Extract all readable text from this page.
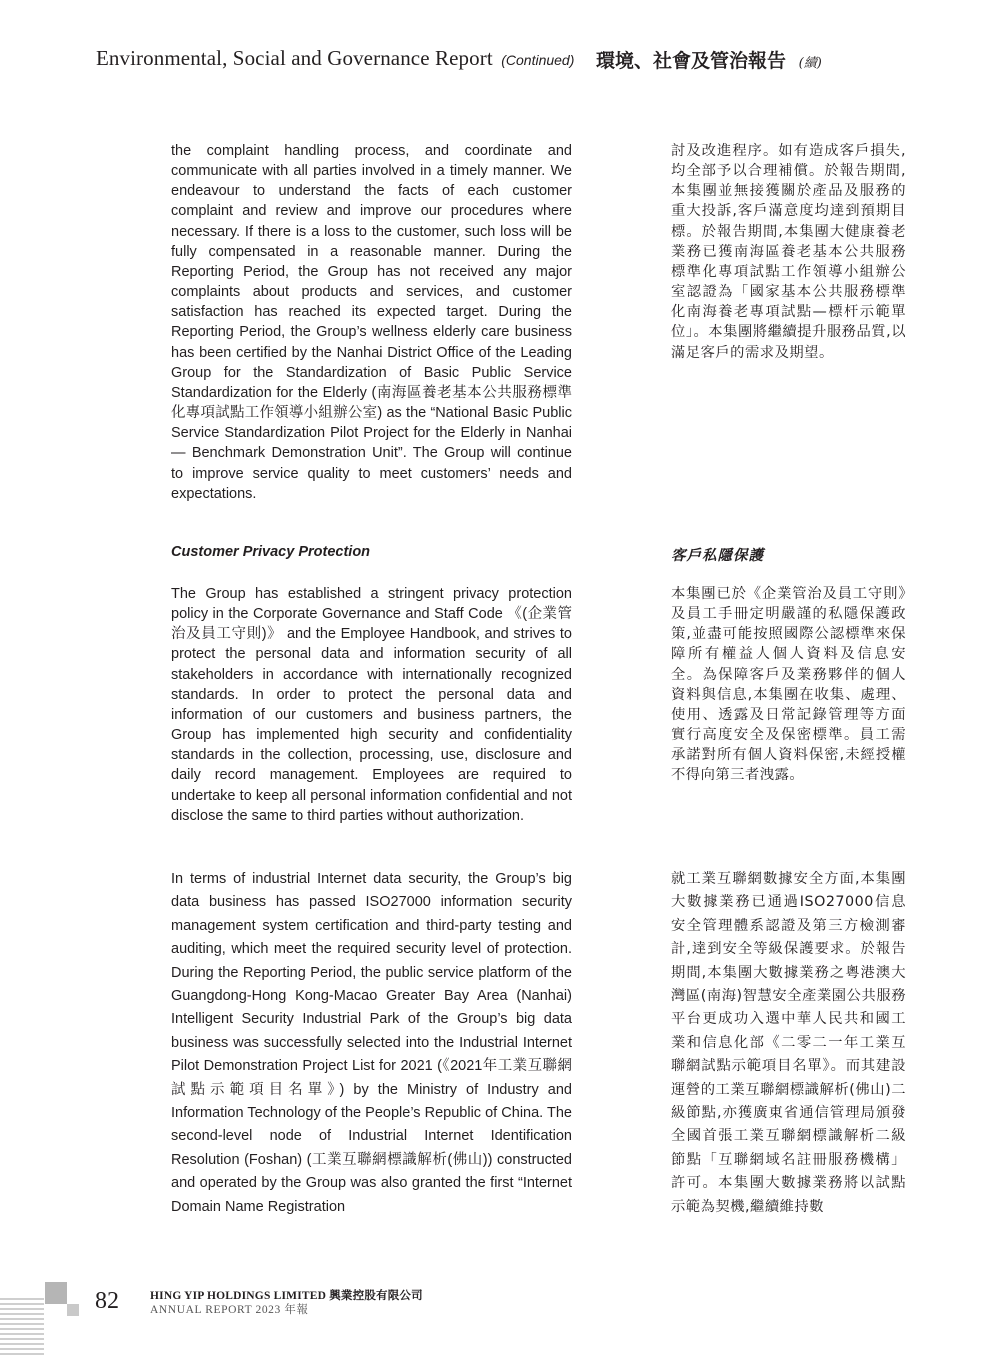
Environmental, Social and Governance Report (Continued) 環境、社會及管治報告 (續)
the complaint handling process, and coordinate and communicate with all parties involved in a timely manner. We endeavour to understand the facts of each customer complaint and review and improve our procedures where necessary. If there is a loss to the customer, such loss will be fully compensated in a reasonable manner. During the Reporting Period, the Group has not received any major complaints about products and services, and customer satisfaction has reached its expected target. During the Reporting Period, the Group’s wellness elderly care business has been certified by the Nanhai District Office of the Leading Group for the Standardization of Basic Public Service Standardization for the Elderly (南海區養老基本公共服務標準化專項試點工作領導小組辦公室) as the “National Basic Public Service Standardization Pilot Project for the Elderly in Nanhai — Benchmark Demonstration Unit”. The Group will continue to improve service quality to meet customers’ needs and expectations.
討及改進程序。如有造成客戶損失,均全部予以合理補償。於報告期間,本集團並無接獲關於產品及服務的重大投訴,客戶滿意度均達到預期目標。於報告期間,本集團大健康養老業務已獲南海區養老基本公共服務標準化專項試點工作領導小組辦公室認證為「國家基本公共服務標準化南海養老專項試點—標杆示範單位」。本集團將繼續提升服務品質,以滿足客戶的需求及期望。
Customer Privacy Protection	客戶私隱保護
The Group has established a stringent privacy protection policy in the Corporate Governance and Staff Code 《(企業管治及員工守則)》 and the Employee Handbook, and strives to protect the personal data and information security of all stakeholders in accordance with internationally recognized standards. In order to protect the personal data and information of our customers and business partners, the Group has implemented high security and confidentiality standards in the collection, processing, use, disclosure and daily record management. Employees are required to undertake to keep all personal information confidential and not disclose the same to third parties without authorization.
本集團已於《企業管治及員工守則》及員工手冊定明嚴謹的私隱保護政策,並盡可能按照國際公認標準來保障所有權益人個人資料及信息安全。為保障客戶及業務夥伴的個人資料與信息,本集團在收集、處理、使用、透露及日常記錄管理等方面實行高度安全及保密標準。員工需承諾對所有個人資料保密,未經授權不得向第三者洩露。
In terms of industrial Internet data security, the Group’s big data business has passed ISO27000 information security management system certification and third-party testing and auditing, which meet the required security level of protection. During the Reporting Period, the public service platform of the Guangdong-Hong Kong-Macao Greater Bay Area (Nanhai) Intelligent Security Industrial Park of the Group’s big data business was successfully selected into the Industrial Internet Pilot Demonstration Project List for 2021 (《2021年工業互聯網試點示範項目名單》) by the Ministry of Industry and Information Technology of the People’s Republic of China. The second-level node of Industrial Internet Identification Resolution (Foshan) (工業互聯網標識解析(佛山)) constructed and operated by the Group was also granted the first “Internet Domain Name Registration
就工業互聯網數據安全方面,本集團大數據業務已通過ISO27000信息安全管理體系認證及第三方檢測審計,達到安全等級保護要求。於報告期間,本集團大數據業務之粵港澳大灣區(南海)智慧安全產業園公共服務平台更成功入選中華人民共和國工業和信息化部《二零二一年工業互聯網試點示範項目名單》。而其建設運營的工業互聯網標識解析(佛山)二級節點,亦獲廣東省通信管理局頒發全國首張工業互聯網標識解析二級節點「互聯網域名註冊服務機構」許可。本集團大數據業務將以試點示範為契機,繼續維持數
82	HING YIP HOLDINGS LIMITED 興業控股有限公司
ANNUAL REPORT 2023 年報
